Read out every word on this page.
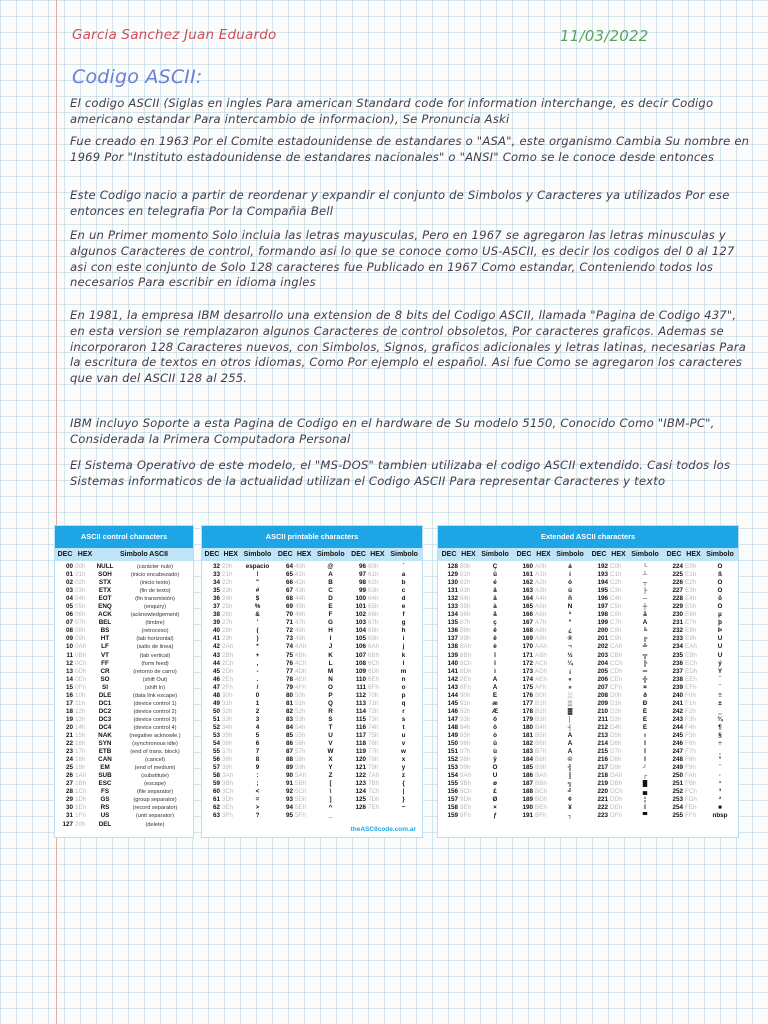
Garcia Sanchez Juan Eduardo	11/03/2022
Codigo ASCII:

El codigo ASCII (Siglas en ingles Para american Standard code for information interchange, es decir Codigo americano estandar Para intercambio de informacion), Se Pronuncia Aski

Fue creado en 1963 Por el Comite estadounidense de estandares o "ASA", este organismo Cambia Su nombre en 1969 Por "Instituto estadounidense de estandares nacionales" o "ANSI" Como se le conoce desde entonces

Este Codigo nacio a partir de reordenar y expandir el conjunto de Simbolos y Caracteres ya utilizados Por ese entonces en telegrafia Por la Compañia Bell

En un Primer momento Solo incluia las letras mayusculas, Pero en 1967 se agregaron las letras minusculas y algunos Caracteres de control, formando asi lo que se conoce como US-ASCII, es decir los codigos del 0 al 127 asi con este conjunto de Solo 128 caracteres fue Publicado en 1967 Como estandar, Conteniendo todos los necesarios Para escribir en idioma ingles

En 1981, la empresa IBM desarrollo una extension de 8 bits del Codigo ASCII, llamada "Pagina de Codigo 437", en esta version se remplazaron algunos Caracteres de control obsoletos, Por caracteres graficos. Ademas se incorporaron 128 Caracteres nuevos, con Simbolos, Signos, graficos adicionales y letras latinas, necesarias Para la escritura de textos en otros idiomas, Como Por ejemplo el español. Asi fue Como se agregaron los caracteres que van del ASCII 128 al 255.

IBM incluyo Soporte a esta Pagina de Codigo en el hardware de Su modelo 5150, Conocido Como "IBM-PC", Considerada la Primera Computadora Personal

El Sistema Operativo de este modelo, el "MS-DOS" tambien utilizaba el codigo ASCII extendido. Casi todos los Sistemas informaticos de la actualidad utilizan el Codigo ASCII Para representar Caracteres y texto

ASCII control characters
DEC HEX	Simbolo ASCII
00 00h	NULL	(carácter nulo)
01 01h	SOH	(inicio encabezado)
02 02h	STX	(inicio texto)
03 03h	ETX	(fin de texto)
04 04h	EOT	(fin transmisión)
05 05h	ENQ	(enquiry)
06 06h	ACK	(acknowledgement)
07 07h	BEL	(timbre)
08 08h	BS	(retroceso)
09 09h	HT	(tab horizontal)
10 0Ah	LF	(salto de linea)
11 0Bh	VT	(tab vertical)
12 0Ch	FF	(form feed)
13 0Dh	CR	(retorno de carro)
14 0Eh	SO	(shift Out)
15 0Fh	SI	(shift In)
16 10h	DLE	(data link escape)
17 11h	DC1	(device control 1)
18 12h	DC2	(device control 2)
19 13h	DC3	(device control 3)
20 14h	DC4	(device control 4)
21 15h	NAK	(negative acknowle.)
22 16h	SYN	(synchronous idle)
23 17h	ETB	(end of trans. block)
24 18h	CAN	(cancel)
25 19h	EM	(end of medium)
26 1Ah	SUB	(substitute)
27 1Bh	ESC	(escape)
28 1Ch	FS	(file separator)
29 1Dh	GS	(group separator)
30 1Eh	RS	(record separator)
31 1Fh	US	(unit separator)
127 20h	DEL	(delete)
ASCII printable characters
DEC HEX Simbolo DEC HEX Simbolo DEC HEX Simbolo
32 20h	espacio	64 40h	@	96 60h	`
33 21h	!	65 41h	A	97 61h	a
34 22h	"	66 42h	B	98 62h	b
35 23h	#	67 43h	C	99 63h	c
36 24h	$	68 44h	D	100 64h	d
37 25h	%	69 45h	E	101 65h	e
38 26h	&	70 46h	F	102 66h	f
39 27h	'	71 47h	G	103 67h	g
40 28h	(	72 48h	H	104 68h	h
41 29h	)	73 49h	I	105 69h	i
42 2Ah	*	74 4Ah	J	106 6Ah	j
43 2Bh	+	75 4Bh	K	107 6Bh	k
44 2Ch	,	76 4Ch	L	108 6Ch	l
45 2Dh	-	77 4Dh	M	109 6Dh	m
46 2Eh	.	78 4Eh	N	110 6Eh	n
47 2Fh	/	79 4Fh	O	111 6Fh	o
48 30h	0	80 50h	P	112 70h	p
49 31h	1	81 51h	Q	113 71h	q
50 32h	2	82 52h	R	114 72h	r
51 33h	3	83 53h	S	115 73h	s
52 34h	4	84 54h	T	116 74h	t
53 35h	5	85 55h	U	117 75h	u
54 36h	6	86 56h	V	118 76h	v
55 37h	7	87 57h	W	119 77h	w
56 38h	8	88 58h	X	120 78h	x
57 39h	9	89 59h	Y	121 79h	y
58 3Ah	:	90 5Ah	Z	122 7Ah	z
59 3Bh	;	91 5Bh	[	123 7Bh	{
60 3Ch	<	92 5Ch	\	124 7Ch	|
61 3Dh	=	93 5Dh	]	125 7Dh	}
62 3Eh	>	94 5Eh	^	126 7Eh	~
63 3Fh	?	95 5Fh	_
theASCIIcode.com.ar
Extended ASCII characters
DEC HEX Simbolo	DEC HEX Simbolo	DEC HEX Simbolo	DEC HEX Simbolo
128 80h	Ç	160 A0h	á	192 C0h	└	224 E0h	Ó
129 81h	ü	161 A1h	í	193 C1h	┴	225 E1h	ß
130 82h	é	162 A2h	ó	194 C2h	┬	226 E2h	Ô
131 83h	â	163 A3h	ú	195 C3h	├	227 E3h	Ò
132 84h	ä	164 A4h	ñ	196 C4h	─	228 E4h	õ
133 85h	à	165 A5h	Ñ	197 C5h	┼	229 E5h	Õ
134 86h	å	166 A6h	ª	198 C6h	ã	230 E6h	µ
135 87h	ç	167 A7h	º	199 C7h	Ã	231 E7h	þ
136 88h	ê	168 A8h	¿	200 C8h	╚	232 E8h	Þ
137 89h	ë	169 A9h	®	201 C9h	╔	233 E9h	Ú
138 8Ah	è	170 AAh	¬	202 CAh	╩	234 EAh	Û
139 8Bh	ï	171 ABh	½	203 CBh	╦	235 EBh	Ù
140 8Ch	î	172 ACh	¼	204 CCh	╠	236 ECh	ý
141 8Dh	ì	173 ADh	¡	205 CDh	═	237 EDh	Ý
142 8Eh	Ä	174 AEh	«	206 CEh	╬	238 EEh	¯
143 8Fh	Å	175 AFh	»	207 CFh	¤	239 EFh	´
144 90h	É	176 B0h	░	208 D0h	ð	240 F0h	≡
145 91h	æ	177 B1h	▒	209 D1h	Ð	241 F1h	±
146 92h	Æ	178 B2h	▓	210 D2h	Ê	242 F2h	‗
147 93h	ô	179 B3h	│	211 D3h	Ë	243 F3h	¾
148 94h	ö	180 B4h	┤	212 D4h	È	244 F4h	¶
149 95h	ò	181 B5h	Á	213 D5h	ı	245 F5h	§
150 96h	û	182 B6h	Â	214 D6h	Í	246 F6h	÷
151 97h	ù	183 B7h	À	215 D7h	Î	247 F7h	¸
152 98h	ÿ	184 B8h	©	216 D8h	Ï	248 F8h	°
153 99h	Ö	185 B9h	╣	217 D9h	┘	249 F9h	¨
154 9Ah	Ü	186 BAh	║	218 DAh	┌	250 FAh	·
155 9Bh	ø	187 BBh	╗	219 DBh	█	251 FBh	¹
156 9Ch	£	188 BCh	╝	220 DCh	▄	252 FCh	³
157 9Dh	Ø	189 BDh	¢	221 DDh	¦	253 FDh	²
158 9Eh	×	190 BEh	¥	222 DEh	Ì	254 FEh	■
159 9Fh	ƒ	191 BFh	┐	223 DFh	▀	255 FFh	nbsp
